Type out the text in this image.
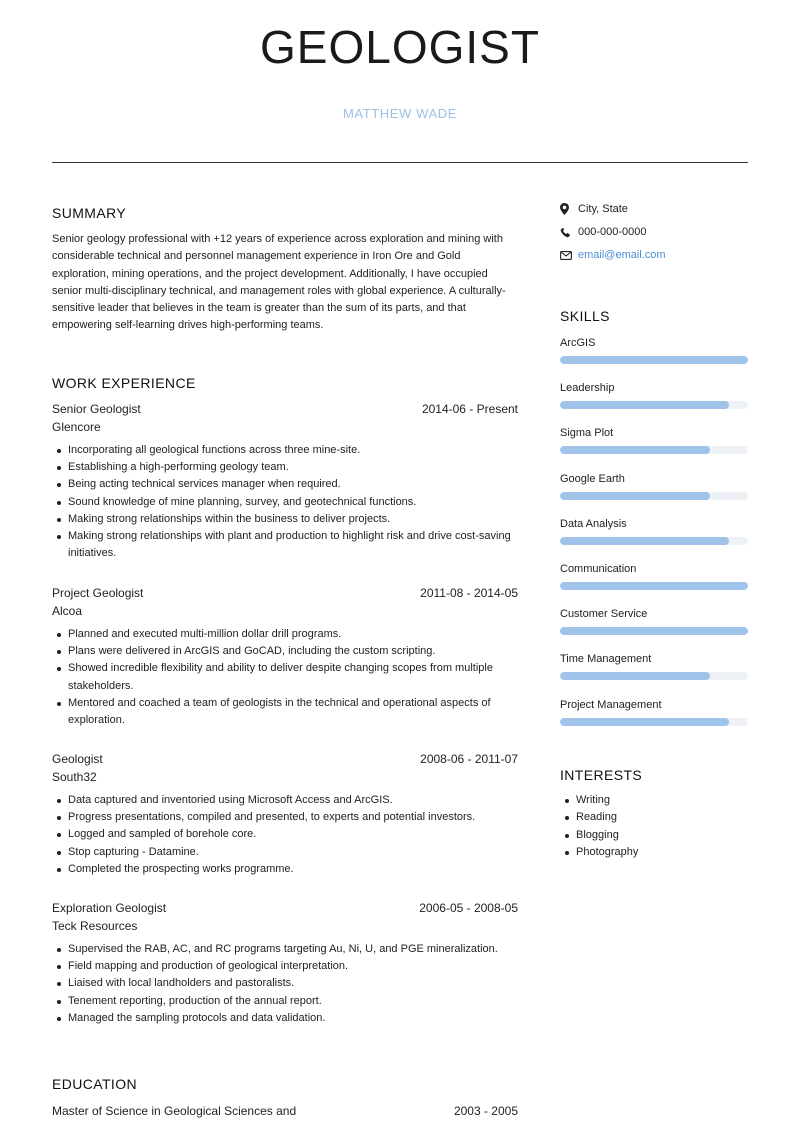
GEOLOGIST
MATTHEW WADE
SUMMARY
Senior geology professional with +12 years of experience across exploration and mining with considerable technical and personnel management experience in Iron Ore and Gold exploration, mining operations, and the project development. Additionally, I have occupied senior multi-disciplinary technical, and management roles with global experience. A culturally-sensitive leader that believes in the team is greater than the sum of its parts, and that empowering self-learning drives high-performing teams.
WORK EXPERIENCE
Senior Geologist	2014-06 - Present
Glencore
Incorporating all geological functions across three mine-site.
Establishing a high-performing geology team.
Being acting technical services manager when required.
Sound knowledge of mine planning, survey, and geotechnical functions.
Making strong relationships within the business to deliver projects.
Making strong relationships with plant and production to highlight risk and drive cost-saving initiatives.
Project Geologist	2011-08 - 2014-05
Alcoa
Planned and executed multi-million dollar drill programs.
Plans were delivered in ArcGIS and GoCAD, including the custom scripting.
Showed incredible flexibility and ability to deliver despite changing scopes from multiple stakeholders.
Mentored and coached a team of geologists in the technical and operational aspects of exploration.
Geologist	2008-06 - 2011-07
South32
Data captured and inventoried using Microsoft Access and ArcGIS.
Progress presentations, compiled and presented, to experts and potential investors.
Logged and sampled of borehole core.
Stop capturing - Datamine.
Completed the prospecting works programme.
Exploration Geologist	2006-05 - 2008-05
Teck Resources
Supervised the RAB, AC, and RC programs targeting Au, Ni, U, and PGE mineralization.
Field mapping and production of geological interpretation.
Liaised with local landholders and pastoralists.
Tenement reporting, production of the annual report.
Managed the sampling protocols and data validation.
EDUCATION
Master of Science in Geological Sciences and	2003 - 2005
City, State
000-000-0000
email@email.com
SKILLS
ArcGIS
Leadership
Sigma Plot
Google Earth
Data Analysis
Communication
Customer Service
Time Management
Project Management
INTERESTS
Writing
Reading
Blogging
Photography
